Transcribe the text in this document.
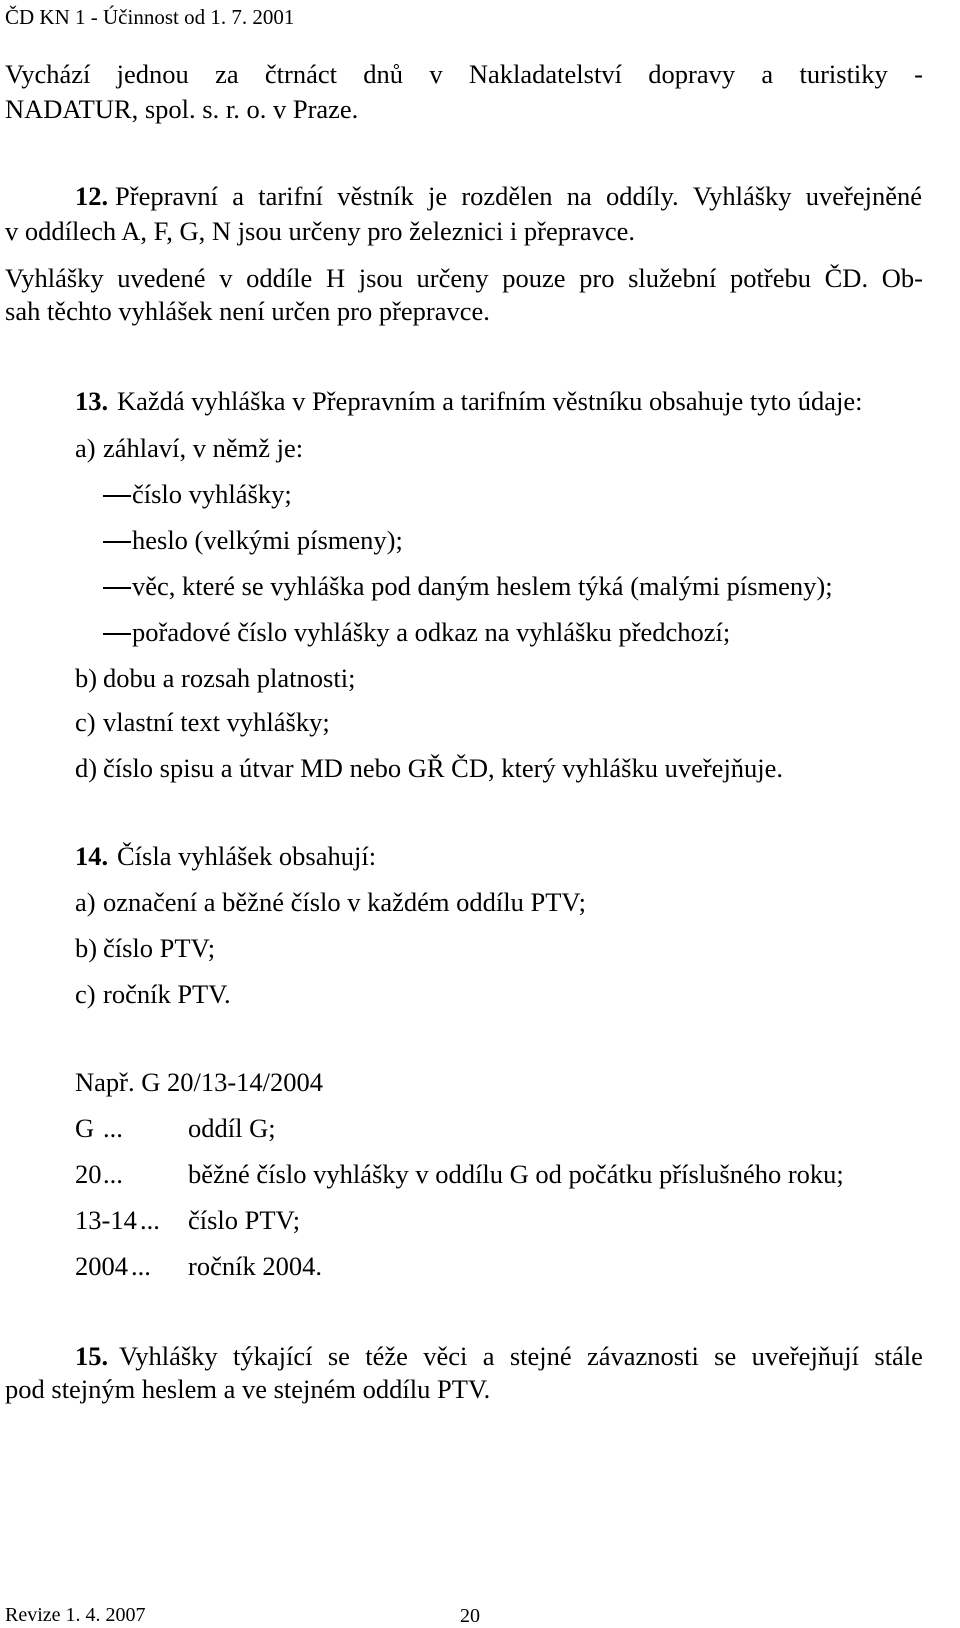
ČD KN 1 - Účinnost od 1. 7. 2001
Vychází jednou za čtrnáct dnů v Nakladatelství dopravy a turistiky -
NADATUR, spol. s. r. o. v Praze.
12. Přepravní a tarifní věstník je rozdělen na oddíly. Vyhlášky uveřejněné
v oddílech A, F, G, N jsou určeny pro železnici i přepravce.
Vyhlášky uvedené v oddíle H jsou určeny pouze pro služební potřebu ČD. Ob-
sah těchto vyhlášek není určen pro přepravce.
13. Každá vyhláška v Přepravním a tarifním věstníku obsahuje tyto údaje:
a) záhlaví, v němž je:
číslo vyhlášky;
heslo (velkými písmeny);
věc, které se vyhláška pod daným heslem týká (malými písmeny);
pořadové číslo vyhlášky a odkaz na vyhlášku předchozí;
b) dobu a rozsah platnosti;
c) vlastní text vyhlášky;
d) číslo spisu a útvar MD nebo GŘ ČD, který vyhlášku uveřejňuje.
14. Čísla vyhlášek obsahují:
a) označení a běžné číslo v každém oddílu PTV;
b) číslo PTV;
c) ročník PTV.
Např. G 20/13-14/2004
G ... oddíl G;
20 ... běžné číslo vyhlášky v oddílu G od počátku příslušného roku;
13-14 ... číslo PTV;
2004 ... ročník 2004.
15. Vyhlášky týkající se téže věci a stejné závaznosti se uveřejňují stále
pod stejným heslem a ve stejném oddílu PTV.
Revize 1. 4. 2007	20
